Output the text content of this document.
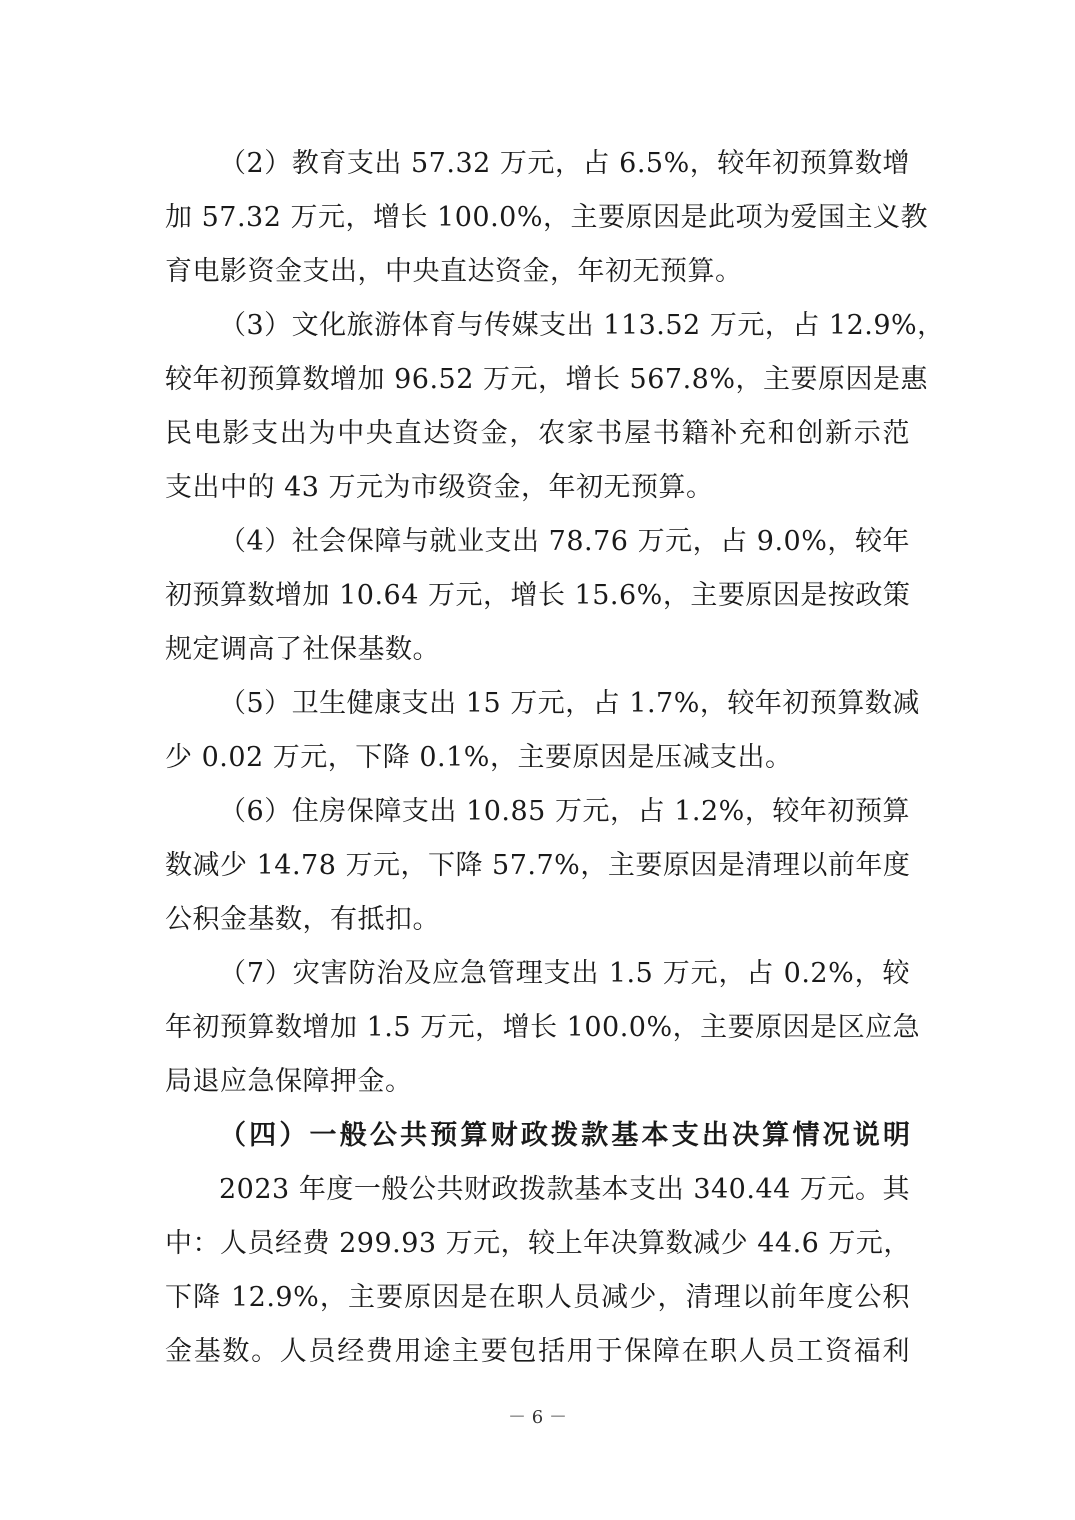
（2）教育支出 57.32 万元，占 6.5%，较年初预算数增
加 57.32 万元，增长 100.0%，主要原因是此项为爱国主义教
育电影资金支出，中央直达资金，年初无预算。
（3）文化旅游体育与传媒支出 113.52 万元，占 12.9%，
较年初预算数增加 96.52 万元，增长 567.8%，主要原因是惠
民电影支出为中央直达资金，农家书屋书籍补充和创新示范
支出中的 43 万元为市级资金，年初无预算。
（4）社会保障与就业支出 78.76 万元，占 9.0%，较年
初预算数增加 10.64 万元，增长 15.6%，主要原因是按政策
规定调高了社保基数。
（5）卫生健康支出 15 万元，占 1.7%，较年初预算数减
少 0.02 万元，下降 0.1%，主要原因是压减支出。
（6）住房保障支出 10.85 万元，占 1.2%，较年初预算
数减少 14.78 万元，下降 57.7%，主要原因是清理以前年度
公积金基数，有抵扣。
（7）灾害防治及应急管理支出 1.5 万元，占 0.2%，较
年初预算数增加 1.5 万元，增长 100.0%，主要原因是区应急
局退应急保障押金。
（四）一般公共预算财政拨款基本支出决算情况说明
2023 年度一般公共财政拨款基本支出 340.44 万元。其
中：人员经费 299.93 万元，较上年决算数减少 44.6 万元，
下降 12.9%，主要原因是在职人员减少，清理以前年度公积
金基数。人员经费用途主要包括用于保障在职人员工资福利
－ 6 －
